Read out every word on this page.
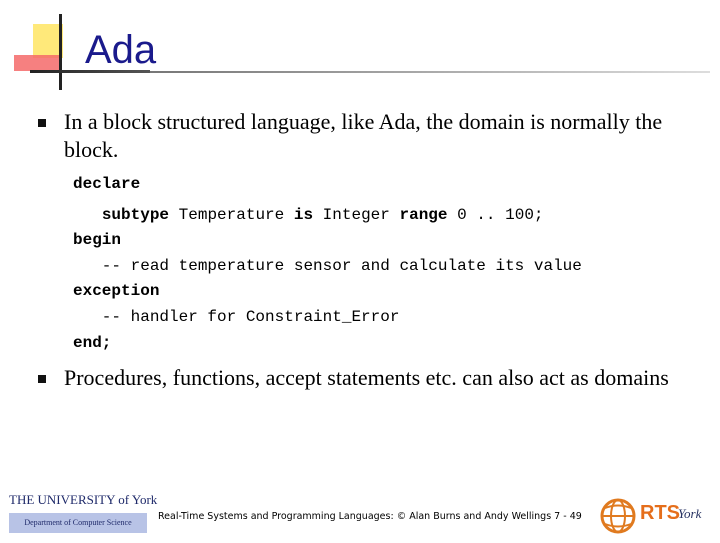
Ada
In a block structured language, like Ada, the domain is normally the block.
declare
subtype Temperature is Integer range 0 .. 100;
begin
-- read temperature sensor and calculate its value
exception
-- handler for Constraint_Error
end;
Procedures, functions, accept statements etc. can also act as domains
THE UNIVERSITY of York
Department of Computer Science
Real-Time Systems and Programming Languages: © Alan Burns and Andy Wellings 7 - 49	RTS
York
